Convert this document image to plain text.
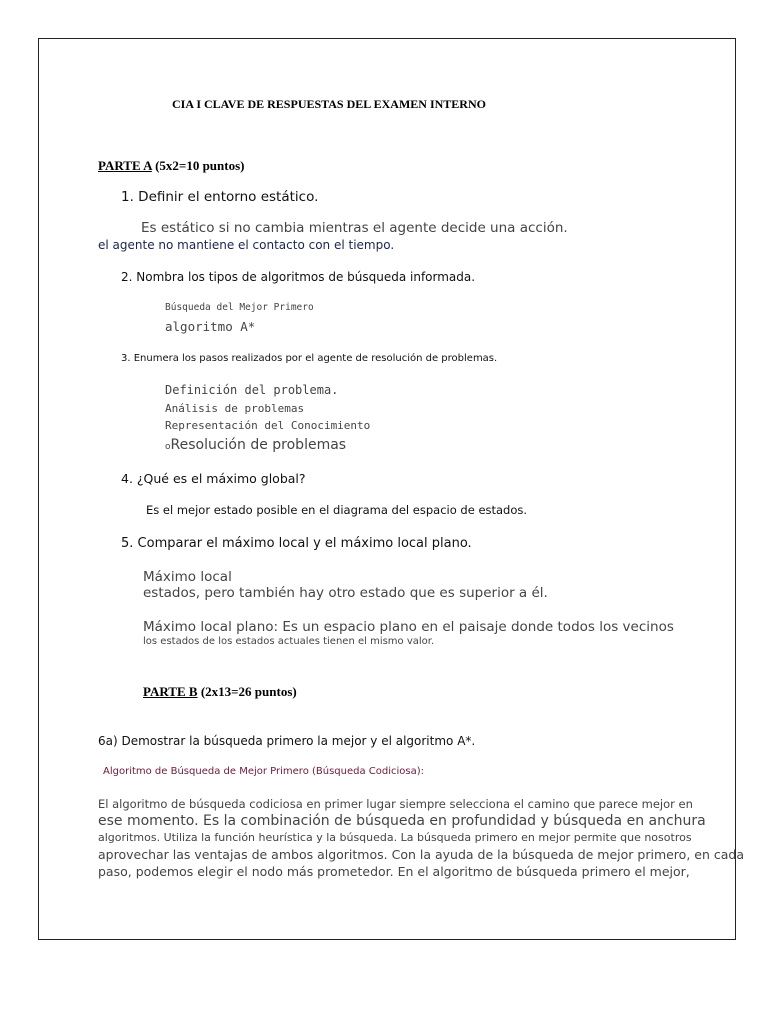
CIA I CLAVE DE RESPUESTAS DEL EXAMEN INTERNO
PARTE A (5x2=10 puntos)
1. Definir el entorno estático.
Es estático si no cambia mientras el agente decide una acción.
el agente no mantiene el contacto con el tiempo.
2. Nombra los tipos de algoritmos de búsqueda informada.
Búsqueda del Mejor Primero
algoritmo A*
3. Enumera los pasos realizados por el agente de resolución de problemas.
Definición del problema.
Análisis de problemas
Representación del Conocimiento
oResolución de problemas
4. ¿Qué es el máximo global?
Es el mejor estado posible en el diagrama del espacio de estados.
5. Comparar el máximo local y el máximo local plano.
Máximo local
estados, pero también hay otro estado que es superior a él.
Máximo local plano: Es un espacio plano en el paisaje donde todos los vecinos
los estados de los estados actuales tienen el mismo valor.
PARTE B (2x13=26 puntos)
6a) Demostrar la búsqueda primero la mejor y el algoritmo A*.
Algoritmo de Búsqueda de Mejor Primero (Búsqueda Codiciosa):
El algoritmo de búsqueda codiciosa en primer lugar siempre selecciona el camino que parece mejor en
ese momento. Es la combinación de búsqueda en profundidad y búsqueda en anchura
algoritmos. Utiliza la función heurística y la búsqueda. La búsqueda primero en mejor permite que nosotros
aprovechar las ventajas de ambos algoritmos. Con la ayuda de la búsqueda de mejor primero, en cada
paso, podemos elegir el nodo más prometedor. En el algoritmo de búsqueda primero el mejor,
